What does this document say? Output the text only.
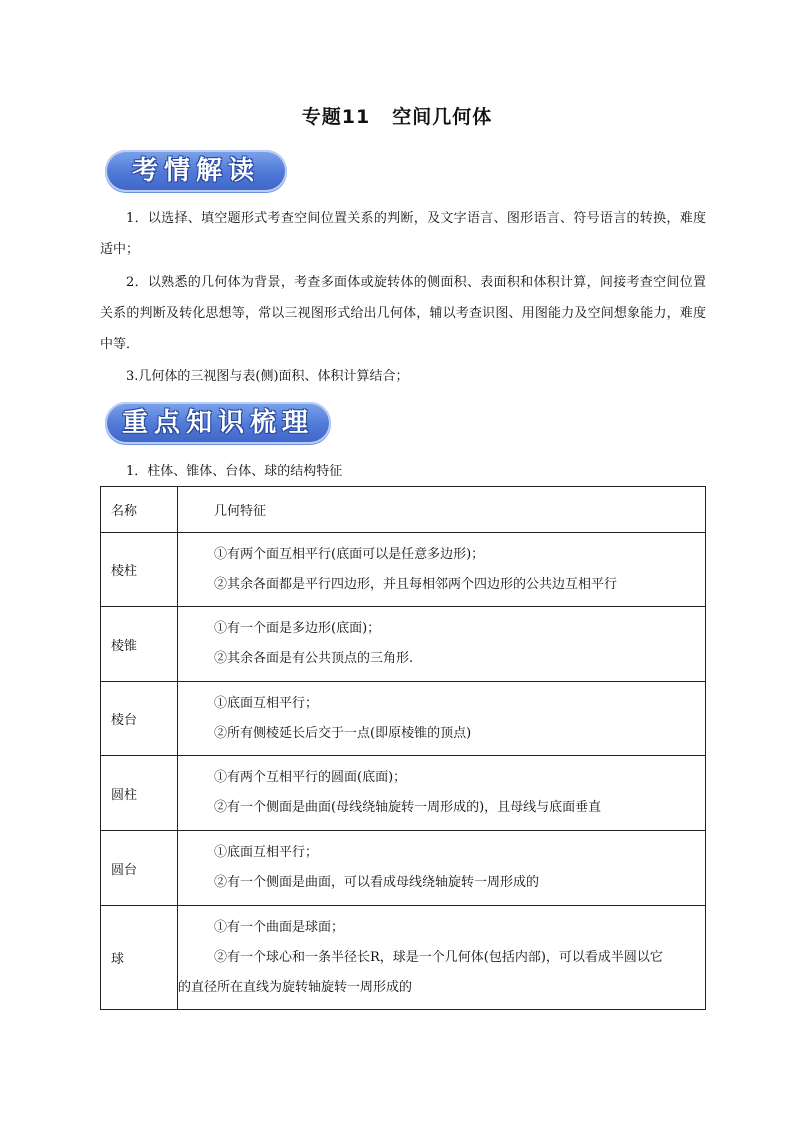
专题11 空间几何体
考情解读
1．以选择、填空题形式考查空间位置关系的判断，及文字语言、图形语言、符号语言的转换，难度适中；
2．以熟悉的几何体为背景，考查多面体或旋转体的侧面积、表面积和体积计算，间接考查空间位置关系的判断及转化思想等，常以三视图形式给出几何体，辅以考查识图、用图能力及空间想象能力，难度中等．
3.几何体的三视图与表(侧)面积、体积计算结合；
重点知识梳理
1．柱体、锥体、台体、球的结构特征
名称	几何特征
棱柱	①有两个面互相平行(底面可以是任意多边形)；
②其余各面都是平行四边形，并且每相邻两个四边形的公共边互相平行

棱锥	①有一个面是多边形(底面)；
②其余各面是有公共顶点的三角形.

棱台	①底面互相平行；
②所有侧棱延长后交于一点(即原棱锥的顶点)

圆柱	①有两个互相平行的圆面(底面)；
②有一个侧面是曲面(母线绕轴旋转一周形成的)，且母线与底面垂直

圆台	①底面互相平行；
②有一个侧面是曲面，可以看成母线绕轴旋转一周形成的

球	①有一个曲面是球面；
②有一个球心和一条半径长R，球是一个几何体(包括内部)，可以看成半圆以它
的直径所在直线为旋转轴旋转一周形成的
